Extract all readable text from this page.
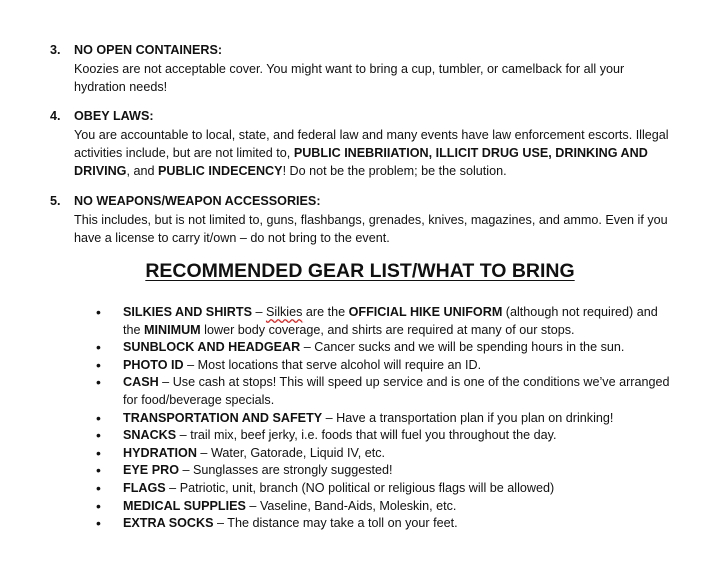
3. NO OPEN CONTAINERS:
Koozies are not acceptable cover. You might want to bring a cup, tumbler, or camelback for all your hydration needs!
4. OBEY LAWS:
You are accountable to local, state, and federal law and many events have law enforcement escorts. Illegal activities include, but are not limited to, PUBLIC INEBRIIATION, ILLICIT DRUG USE, DRINKING AND DRIVING, and PUBLIC INDECENCY! Do not be the problem; be the solution.
5. NO WEAPONS/WEAPON ACCESSORIES:
This includes, but is not limited to, guns, flashbangs, grenades, knives, magazines, and ammo. Even if you have a license to carry it/own – do not bring to the event.
RECOMMENDED GEAR LIST/WHAT TO BRING
• SILKIES AND SHIRTS – Silkies are the OFFICIAL HIKE UNIFORM (although not required) and the MINIMUM lower body coverage, and shirts are required at many of our stops.
• SUNBLOCK AND HEADGEAR – Cancer sucks and we will be spending hours in the sun.
• PHOTO ID – Most locations that serve alcohol will require an ID.
• CASH – Use cash at stops! This will speed up service and is one of the conditions we’ve arranged for food/beverage specials.
• TRANSPORTATION AND SAFETY – Have a transportation plan if you plan on drinking!
• SNACKS – trail mix, beef jerky, i.e. foods that will fuel you throughout the day.
• HYDRATION – Water, Gatorade, Liquid IV, etc.
• EYE PRO – Sunglasses are strongly suggested!
• FLAGS – Patriotic, unit, branch (NO political or religious flags will be allowed)
• MEDICAL SUPPLIES – Vaseline, Band-Aids, Moleskin, etc.
• EXTRA SOCKS – The distance may take a toll on your feet.
